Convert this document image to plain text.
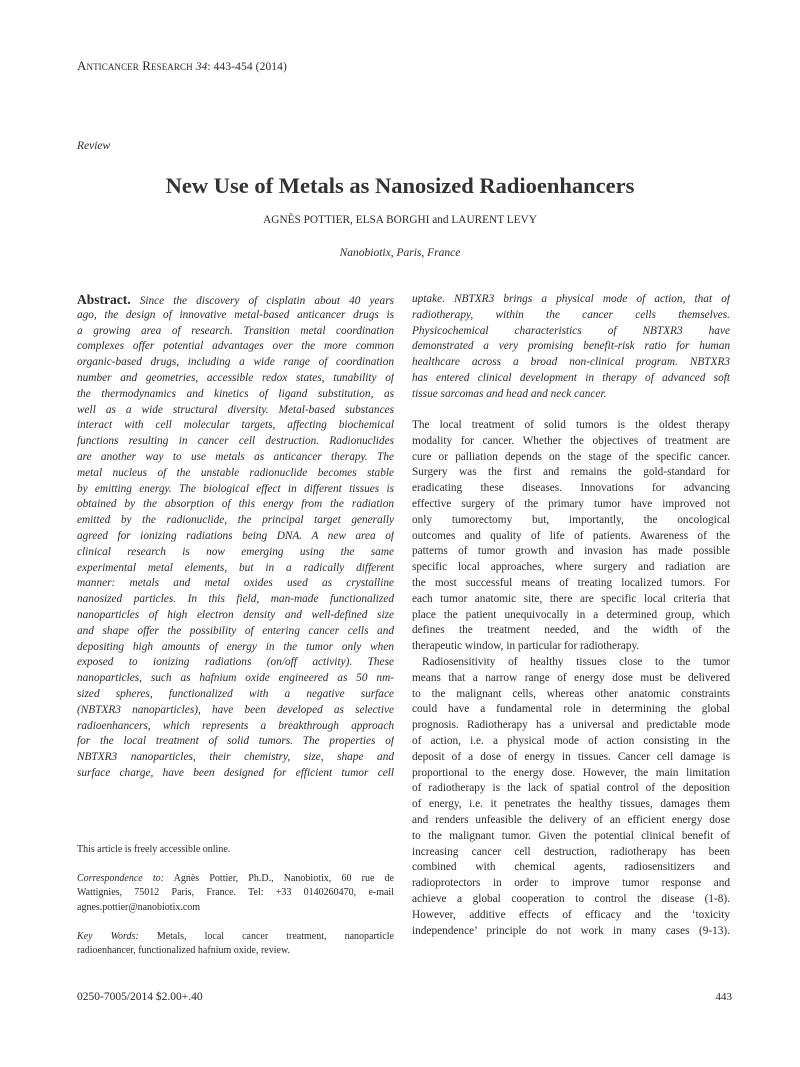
Anticancer Research 34: 443-454 (2014)
Review
New Use of Metals as Nanosized Radioenhancers
AGNÈS POTTIER, ELSA BORGHI and LAURENT LEVY
Nanobiotix, Paris, France
Abstract. Since the discovery of cisplatin about 40 years
ago, the design of innovative metal-based anticancer drugs is
a growing area of research. Transition metal coordination
complexes offer potential advantages over the more common
organic-based drugs, including a wide range of coordination
number and geometries, accessible redox states, tunability of
the thermodynamics and kinetics of ligand substitution, as
well as a wide structural diversity. Metal-based substances
interact with cell molecular targets, affecting biochemical
functions resulting in cancer cell destruction. Radionuclides
are another way to use metals as anticancer therapy. The
metal nucleus of the unstable radionuclide becomes stable
by emitting energy. The biological effect in different tissues is
obtained by the absorption of this energy from the radiation
emitted by the radionuclide, the principal target generally
agreed for ionizing radiations being DNA. A new area of
clinical research is now emerging using the same
experimental metal elements, but in a radically different
manner: metals and metal oxides used as crystalline
nanosized particles. In this field, man-made functionalized
nanoparticles of high electron density and well-defined size
and shape offer the possibility of entering cancer cells and
depositing high amounts of energy in the tumor only when
exposed to ionizing radiations (on/off activity). These
nanoparticles, such as hafnium oxide engineered as 50 nm-
sized spheres, functionalized with a negative surface
(NBTXR3 nanoparticles), have been developed as selective
radioenhancers, which represents a breakthrough approach
for the local treatment of solid tumors. The properties of
NBTXR3 nanoparticles, their chemistry, size, shape and
surface charge, have been designed for efficient tumor cell
This article is freely accessible online.
Correspondence to: Agnès Pottier, Ph.D., Nanobiotix, 60 rue de
Wattignies, 75012 Paris, France. Tel: +33 0140260470, e-mail
agnes.pottier@nanobiotix.com
Key Words: Metals, local cancer treatment, nanoparticle
radioenhancer, functionalized hafnium oxide, review.
uptake. NBTXR3 brings a physical mode of action, that of
radiotherapy, within the cancer cells themselves.
Physicochemical characteristics of NBTXR3 have
demonstrated a very promising benefit-risk ratio for human
healthcare across a broad non-clinical program. NBTXR3
has entered clinical development in therapy of advanced soft
tissue sarcomas and head and neck cancer.
The local treatment of solid tumors is the oldest therapy
modality for cancer. Whether the objectives of treatment are
cure or palliation depends on the stage of the specific cancer.
Surgery was the first and remains the gold-standard for
eradicating these diseases. Innovations for advancing
effective surgery of the primary tumor have improved not
only tumorectomy but, importantly, the oncological
outcomes and quality of life of patients. Awareness of the
patterns of tumor growth and invasion has made possible
specific local approaches, where surgery and radiation are
the most successful means of treating localized tumors. For
each tumor anatomic site, there are specific local criteria that
place the patient unequivocally in a determined group, which
defines the treatment needed, and the width of the
therapeutic window, in particular for radiotherapy.
Radiosensitivity of healthy tissues close to the tumor
means that a narrow range of energy dose must be delivered
to the malignant cells, whereas other anatomic constraints
could have a fundamental role in determining the global
prognosis. Radiotherapy has a universal and predictable mode
of action, i.e. a physical mode of action consisting in the
deposit of a dose of energy in tissues. Cancer cell damage is
proportional to the energy dose. However, the main limitation
of radiotherapy is the lack of spatial control of the deposition
of energy, i.e. it penetrates the healthy tissues, damages them
and renders unfeasible the delivery of an efficient energy dose
to the malignant tumor. Given the potential clinical benefit of
increasing cancer cell destruction, radiotherapy has been
combined with chemical agents, radiosensitizers and
radioprotectors in order to improve tumor response and
achieve a global cooperation to control the disease (1-8).
However, additive effects of efficacy and the ‘toxicity
independence’ principle do not work in many cases (9-13).
0250-7005/2014 $2.00+.40	443
